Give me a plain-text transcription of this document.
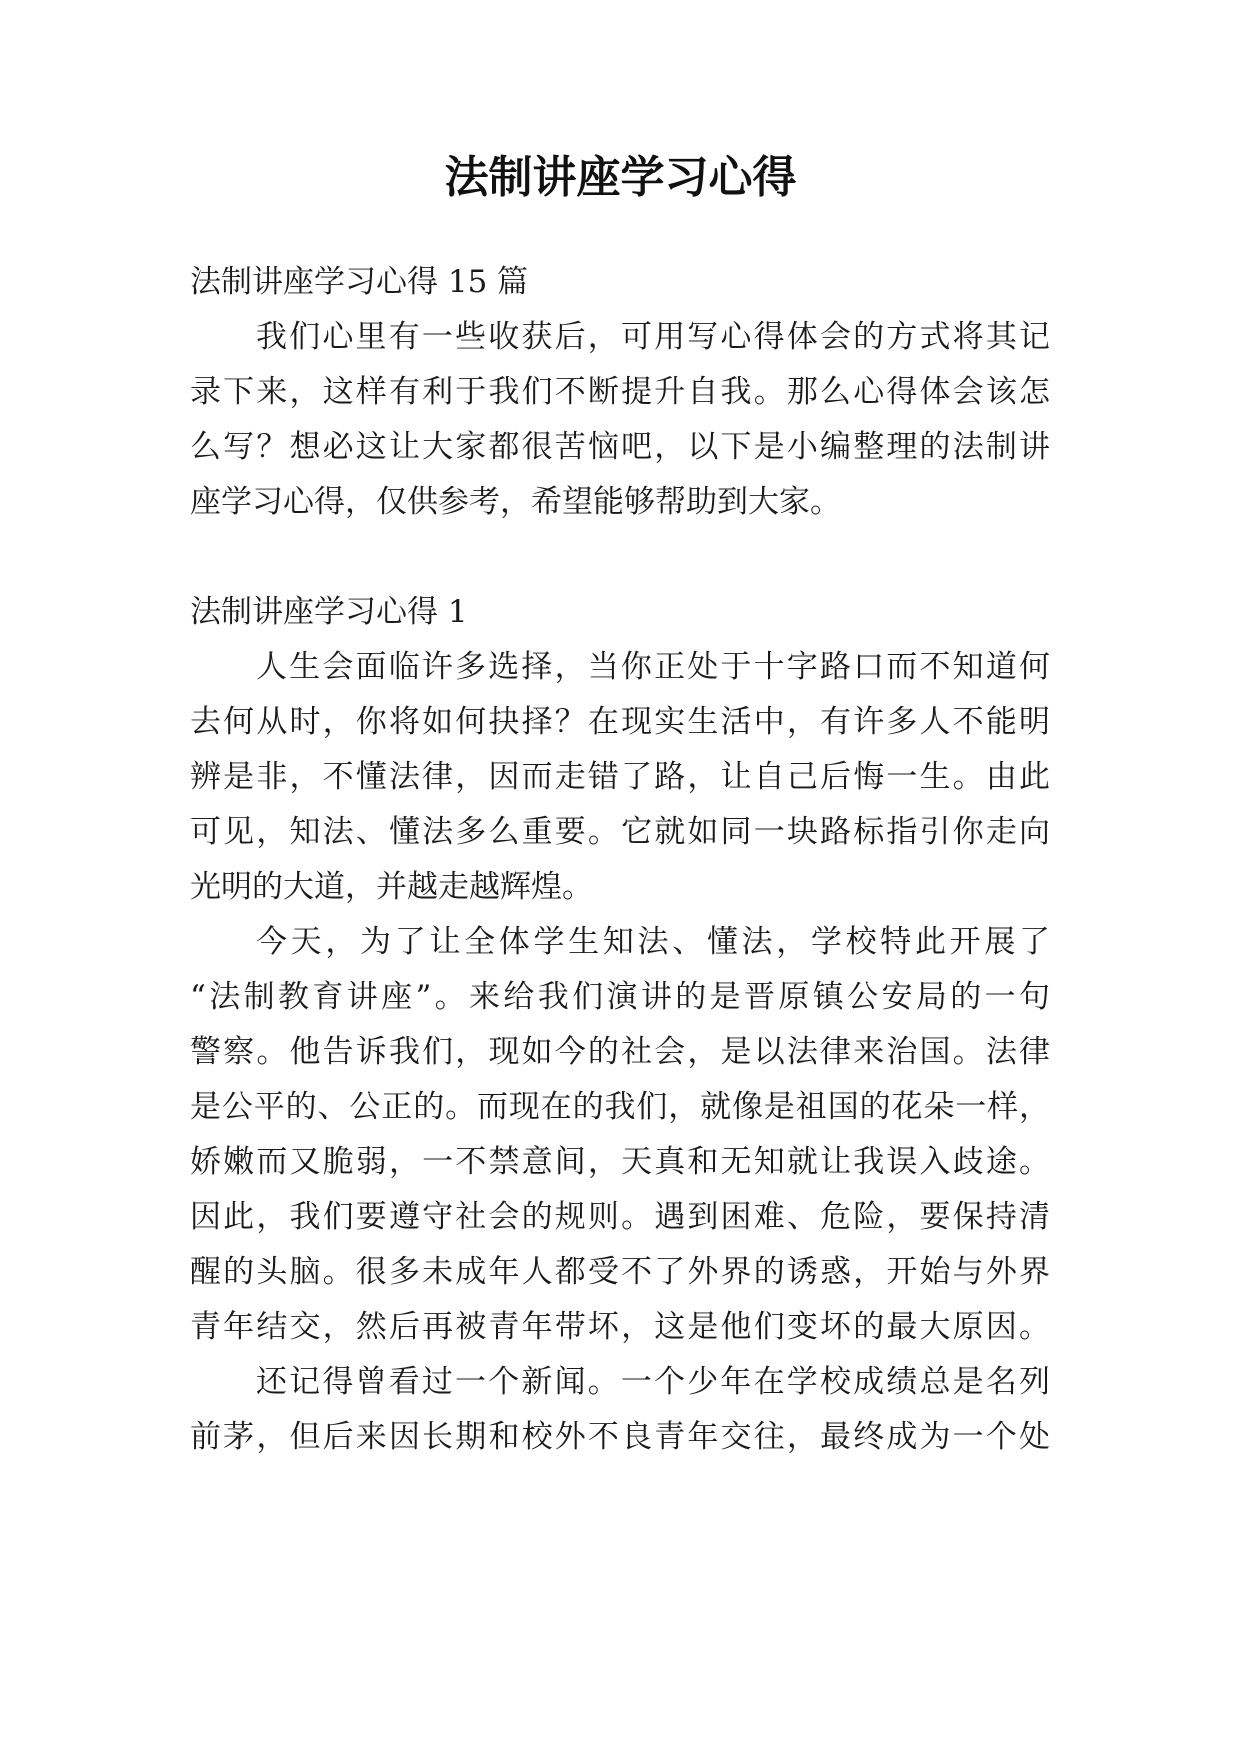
法制讲座学习心得
法制讲座学习心得 15 篇
我们心里有一些收获后，可用写心得体会的方式将其记
录下来，这样有利于我们不断提升自我。那么心得体会该怎
么写？想必这让大家都很苦恼吧，以下是小编整理的法制讲
座学习心得，仅供参考，希望能够帮助到大家。
法制讲座学习心得 1
人生会面临许多选择，当你正处于十字路口而不知道何
去何从时，你将如何抉择？在现实生活中，有许多人不能明
辨是非，不懂法律，因而走错了路，让自己后悔一生。由此
可见，知法、懂法多么重要。它就如同一块路标指引你走向
光明的大道，并越走越辉煌。
今天，为了让全体学生知法、懂法，学校特此开展了
“法制教育讲座”。来给我们演讲的是晋原镇公安局的一句
警察。他告诉我们，现如今的社会，是以法律来治国。法律
是公平的、公正的。而现在的我们，就像是祖国的花朵一样，
娇嫩而又脆弱，一不禁意间，天真和无知就让我误入歧途。
因此，我们要遵守社会的规则。遇到困难、危险，要保持清
醒的头脑。很多未成年人都受不了外界的诱惑，开始与外界
青年结交，然后再被青年带坏，这是他们变坏的最大原因。
还记得曾看过一个新闻。一个少年在学校成绩总是名列
前茅，但后来因长期和校外不良青年交往，最终成为一个处
